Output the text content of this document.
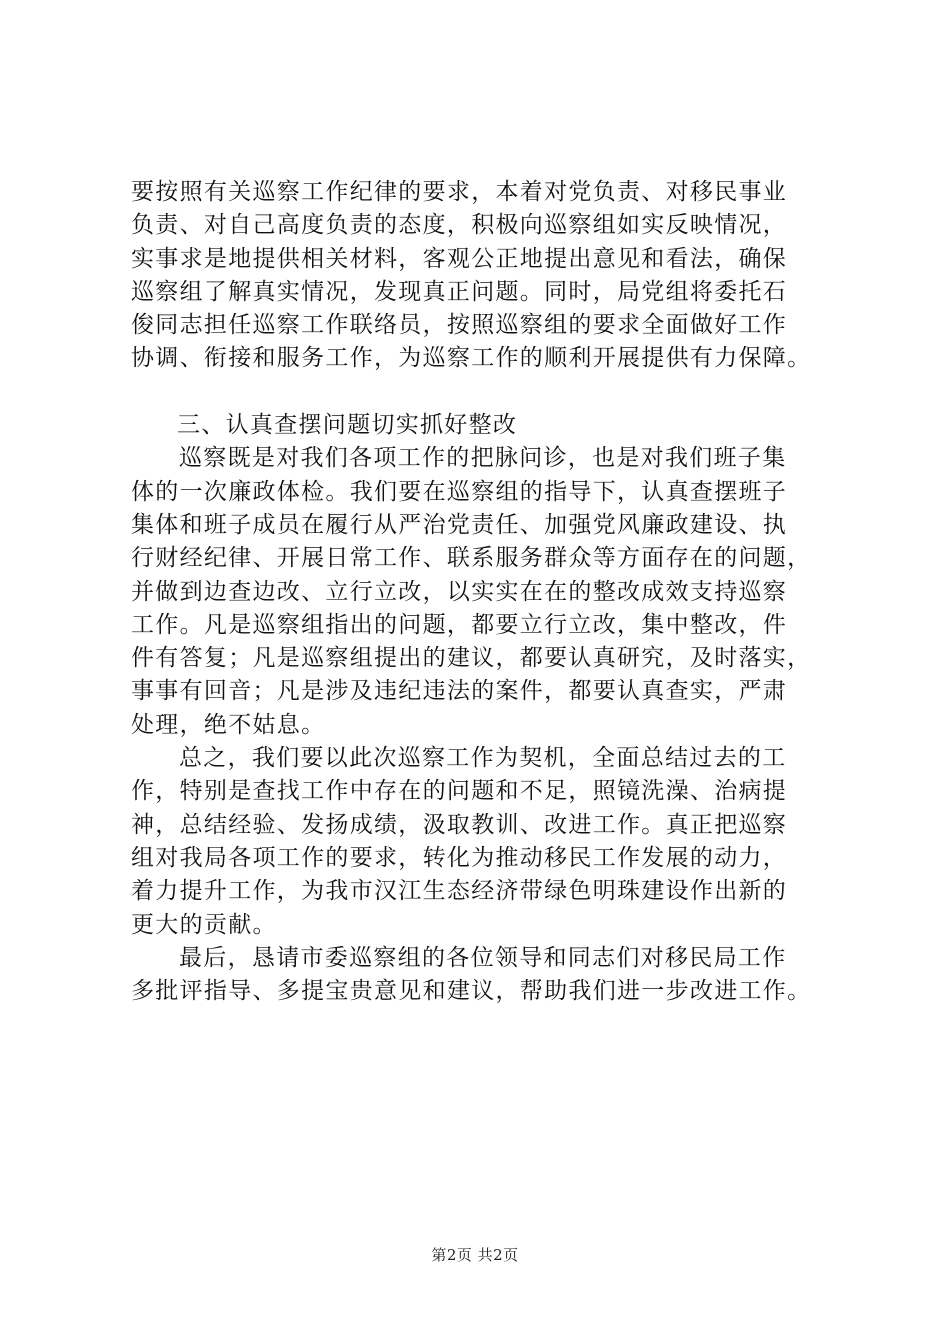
要按照有关巡察工作纪律的要求，本着对党负责、对移民事业
负责、对自己高度负责的态度，积极向巡察组如实反映情况，
实事求是地提供相关材料，客观公正地提出意见和看法，确保
巡察组了解真实情况，发现真正问题。同时，局党组将委托石
俊同志担任巡察工作联络员，按照巡察组的要求全面做好工作
协调、衔接和服务工作，为巡察工作的顺利开展提供有力保障。
三、认真查摆问题切实抓好整改
巡察既是对我们各项工作的把脉问诊，也是对我们班子集
体的一次廉政体检。我们要在巡察组的指导下，认真查摆班子
集体和班子成员在履行从严治党责任、加强党风廉政建设、执
行财经纪律、开展日常工作、联系服务群众等方面存在的问题，
并做到边查边改、立行立改，以实实在在的整改成效支持巡察
工作。凡是巡察组指出的问题，都要立行立改，集中整改，件
件有答复；凡是巡察组提出的建议，都要认真研究，及时落实，
事事有回音；凡是涉及违纪违法的案件，都要认真查实，严肃
处理，绝不姑息。
总之，我们要以此次巡察工作为契机，全面总结过去的工
作，特别是查找工作中存在的问题和不足，照镜洗澡、治病提
神，总结经验、发扬成绩，汲取教训、改进工作。真正把巡察
组对我局各项工作的要求，转化为推动移民工作发展的动力，
着力提升工作，为我市汉江生态经济带绿色明珠建设作出新的
更大的贡献。
最后，恳请市委巡察组的各位领导和同志们对移民局工作
多批评指导、多提宝贵意见和建议，帮助我们进一步改进工作。
第2页 共2页
